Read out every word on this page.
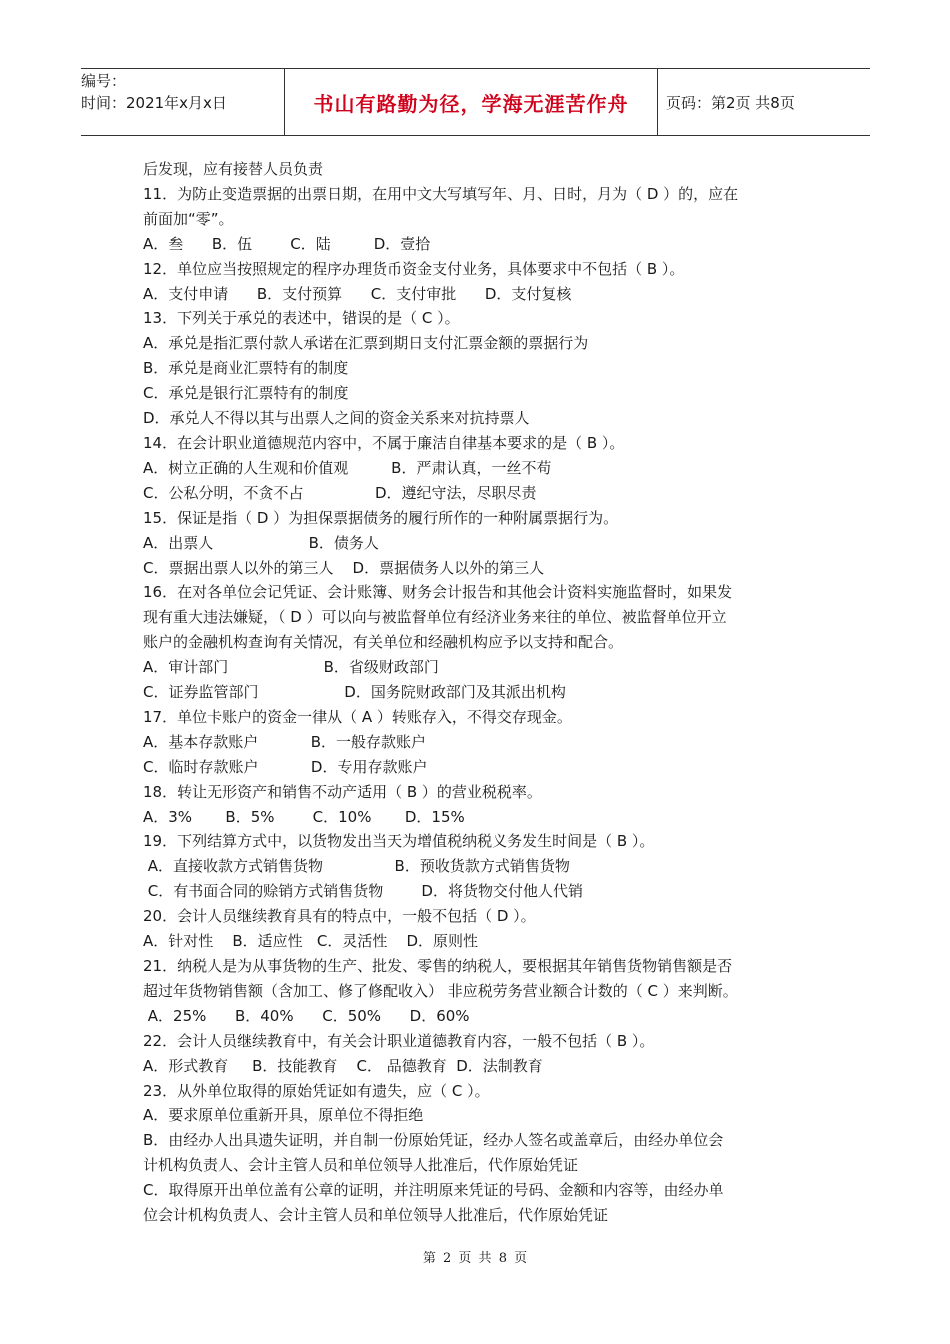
编号：
时间：2021年x月x日	书山有路勤为径，学海无涯苦作舟	页码：第2页 共8页
后发现，应有接替人员负责
11．为防止变造票据的出票日期，在用中文大写填写年、月、日时，月为（ D ）的，应在
前面加“零”。
A．叁      B．伍        C．陆         D．壹拾
12．单位应当按照规定的程序办理货币资金支付业务，具体要求中不包括（ B ）。
A．支付申请      B．支付预算      C．支付审批      D．支付复核
13．下列关于承兑的表述中，错误的是（ C ）。
A．承兑是指汇票付款人承诺在汇票到期日支付汇票金额的票据行为
B．承兑是商业汇票特有的制度
C．承兑是银行汇票特有的制度
D．承兑人不得以其与出票人之间的资金关系来对抗持票人
14．在会计职业道德规范内容中，不属于廉洁自律基本要求的是（ B ）。
A．树立正确的人生观和价值观         B．严肃认真，一丝不苟
C．公私分明，不贪不占               D．遵纪守法，尽职尽责
15．保证是指（ D ）为担保票据债务的履行所作的一种附属票据行为。
A．出票人                    B．债务人
C．票据出票人以外的第三人    D．票据债务人以外的第三人
16．在对各单位会记凭证、会计账簿、财务会计报告和其他会计资料实施监督时，如果发
现有重大违法嫌疑，（ D ）可以向与被监督单位有经济业务来往的单位、被监督单位开立
账户的金融机构查询有关情况，有关单位和经融机构应予以支持和配合。
A．审计部门                    B．省级财政部门
C．证券监管部门                  D．国务院财政部门及其派出机构
17．单位卡账户的资金一律从（ A ）转账存入，不得交存现金。
A．基本存款账户           B．一般存款账户
C．临时存款账户           D．专用存款账户
18．转让无形资产和销售不动产适用（ B ）的营业税税率。
A．3%       B．5%        C．10%       D．15%
19．下列结算方式中，以货物发出当天为增值税纳税义务发生时间是（ B ）。
A．直接收款方式销售货物               B．预收货款方式销售货物
C．有书面合同的赊销方式销售货物        D．将货物交付他人代销
20．会计人员继续教育具有的特点中，一般不包括（ D ）。
A．针对性    B．适应性   C．灵活性    D．原则性
21．纳税人是为从事货物的生产、批发、零售的纳税人，要根据其年销售货物销售额是否
超过年货物销售额（含加工、修了修配收入） 非应税劳务营业额合计数的（ C ）来判断。
A．25%      B．40%      C．50%      D．60%
22．会计人员继续教育中，有关会计职业道德教育内容，一般不包括（ B ）。
A．形式教育     B．技能教育    C． 品德教育  D．法制教育
23．从外单位取得的原始凭证如有遗失，应（ C ）。
A．要求原单位重新开具，原单位不得拒绝
B．由经办人出具遗失证明，并自制一份原始凭证，经办人签名或盖章后，由经办单位会
计机构负责人、会计主管人员和单位领导人批准后，代作原始凭证
C．取得原开出单位盖有公章的证明，并注明原来凭证的号码、金额和内容等，由经办单
位会计机构负责人、会计主管人员和单位领导人批准后，代作原始凭证
第 2 页 共 8 页
